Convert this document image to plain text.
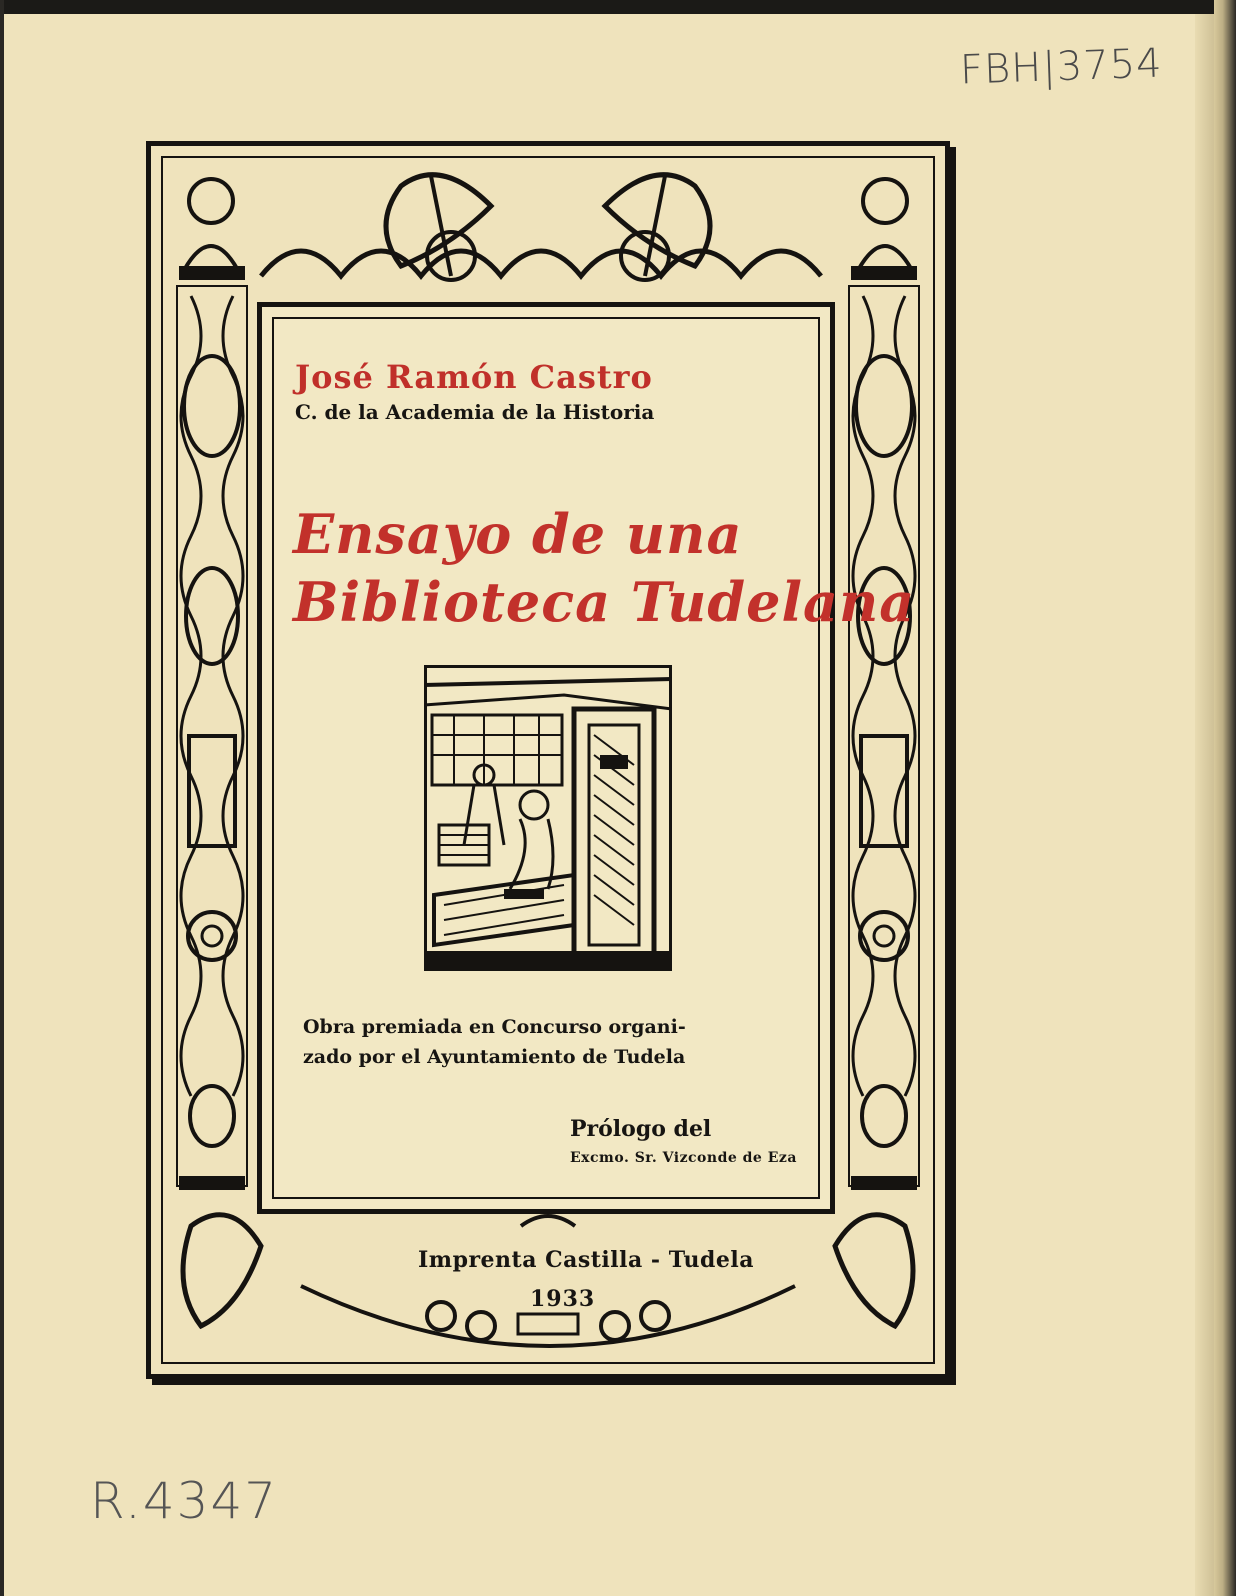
FBH|3754
R.4347
José Ramón Castro
C. de la Academia de la Historia
Ensayo de una
Biblioteca Tudelana
Obra premiada en Concurso organi-
zado por el Ayuntamiento de Tudela
Prólogo del
Excmo. Sr. Vizconde de Eza
Imprenta Castilla - Tudela
1933
